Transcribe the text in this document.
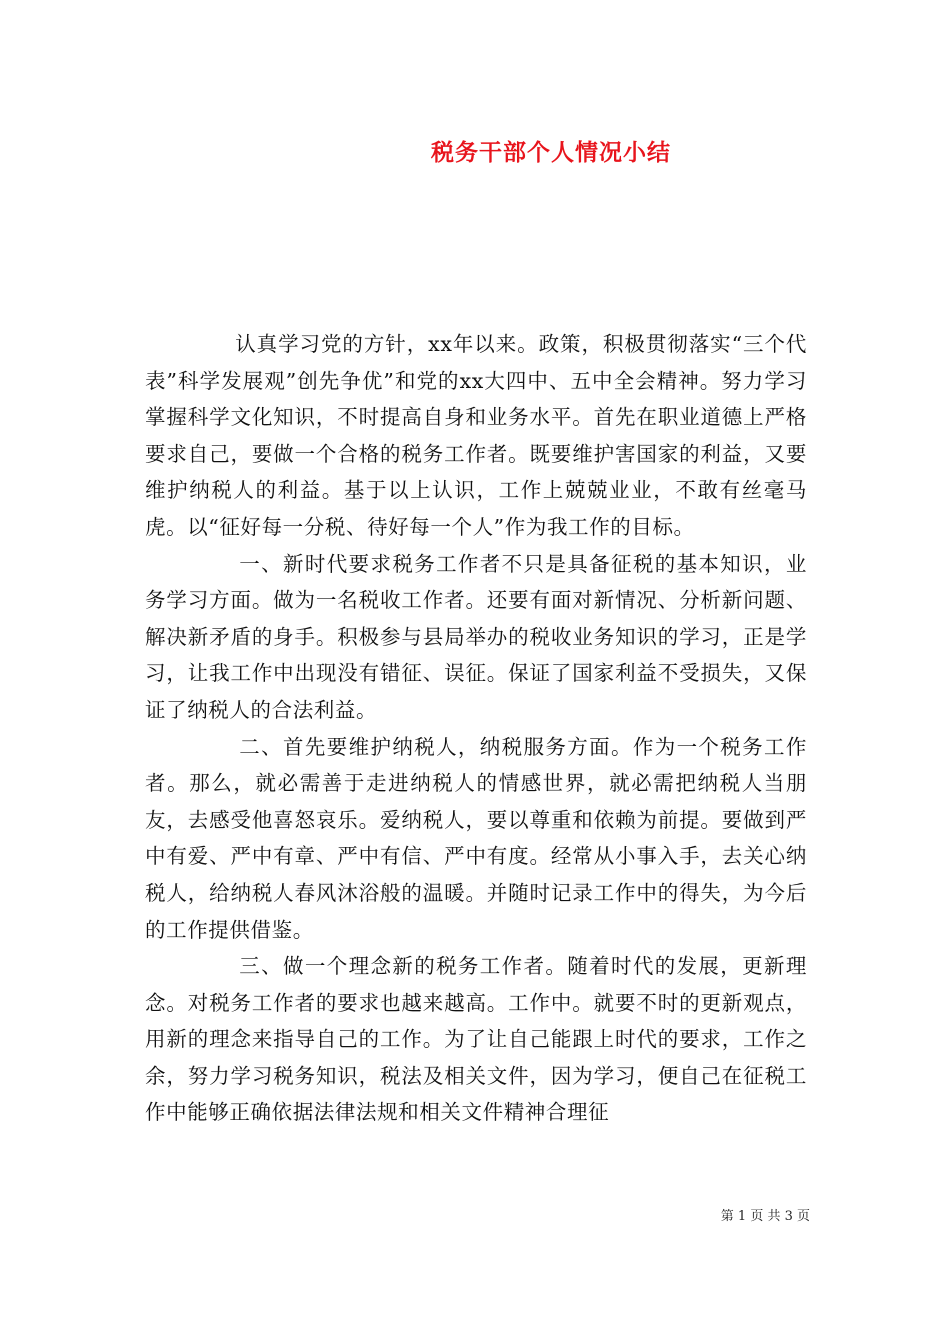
税务干部个人情况小结

认真学习党的方针，xx年以来。政策，积极贯彻落实“三个代表”科学发展观”创先争优”和党的xx大四中、五中全会精神。努力学习掌握科学文化知识，不时提高自身和业务水平。首先在职业道德上严格要求自己，要做一个合格的税务工作者。既要维护害国家的利益，又要维护纳税人的利益。基于以上认识，工作上兢兢业业，不敢有丝毫马虎。以“征好每一分税、待好每一个人”作为我工作的目标。

一、新时代要求税务工作者不只是具备征税的基本知识，业务学习方面。做为一名税收工作者。还要有面对新情况、分析新问题、解决新矛盾的身手。积极参与县局举办的税收业务知识的学习，正是学习，让我工作中出现没有错征、误征。保证了国家利益不受损失，又保证了纳税人的合法利益。

二、首先要维护纳税人，纳税服务方面。作为一个税务工作者。那么，就必需善于走进纳税人的情感世界，就必需把纳税人当朋友，去感受他喜怒哀乐。爱纳税人，要以尊重和依赖为前提。要做到严中有爱、严中有章、严中有信、严中有度。经常从小事入手，去关心纳税人，给纳税人春风沐浴般的温暖。并随时记录工作中的得失，为今后的工作提供借鉴。

三、做一个理念新的税务工作者。随着时代的发展，更新理念。对税务工作者的要求也越来越高。工作中。就要不时的更新观点，用新的理念来指导自己的工作。为了让自己能跟上时代的要求，工作之余，努力学习税务知识，税法及相关文件，因为学习，便自己在征税工作中能够正确依据法律法规和相关文件精神合理征

第 1 页 共 3 页
